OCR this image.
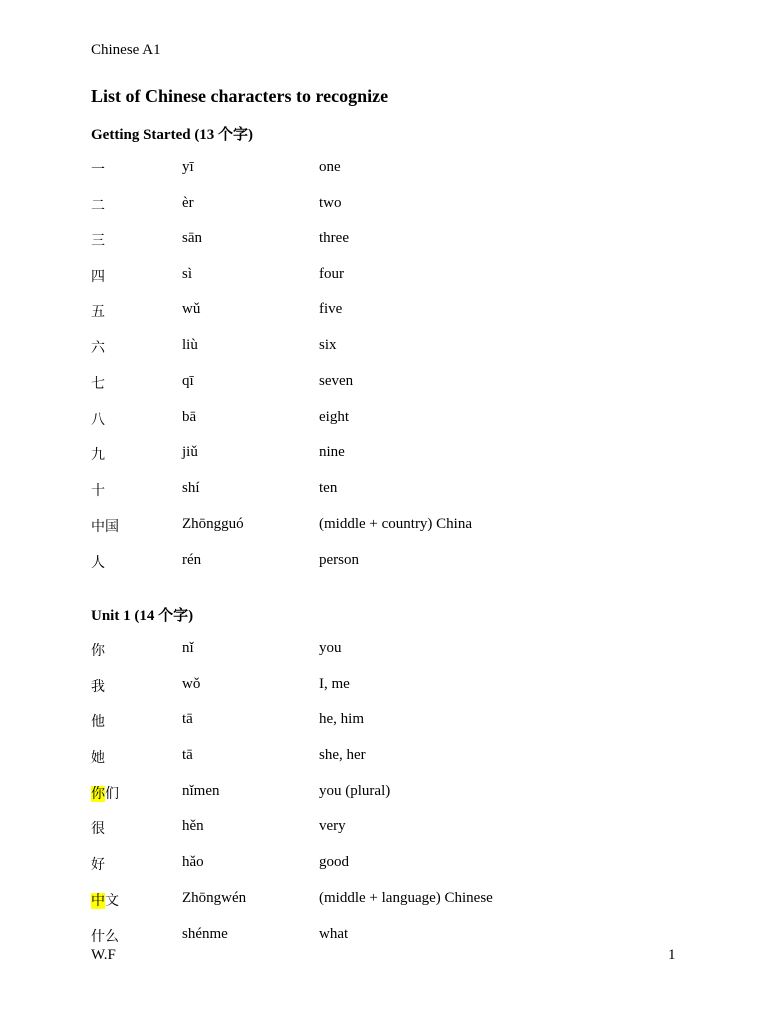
Chinese A1
List of Chinese characters to recognize
Getting Started (13 个字)
Unit 1 (14 个字)
一	yī	one
二	èr	two
三	sān	three
四	sì	four
五	wǔ	five
六	liù	six
七	qī	seven
八	bā	eight
九	jiǔ	nine
十	shí	ten
中国	Zhōngguó	(middle + country) China
人	rén	person
你	nǐ	you
我	wǒ	I, me
他	tā	he, him
她	tā	she, her
你们	nǐmen	you (plural)
很	hěn	very
好	hǎo	good
中文	Zhōngwén	(middle + language) Chinese
什么	shénme	what
W.F	1
